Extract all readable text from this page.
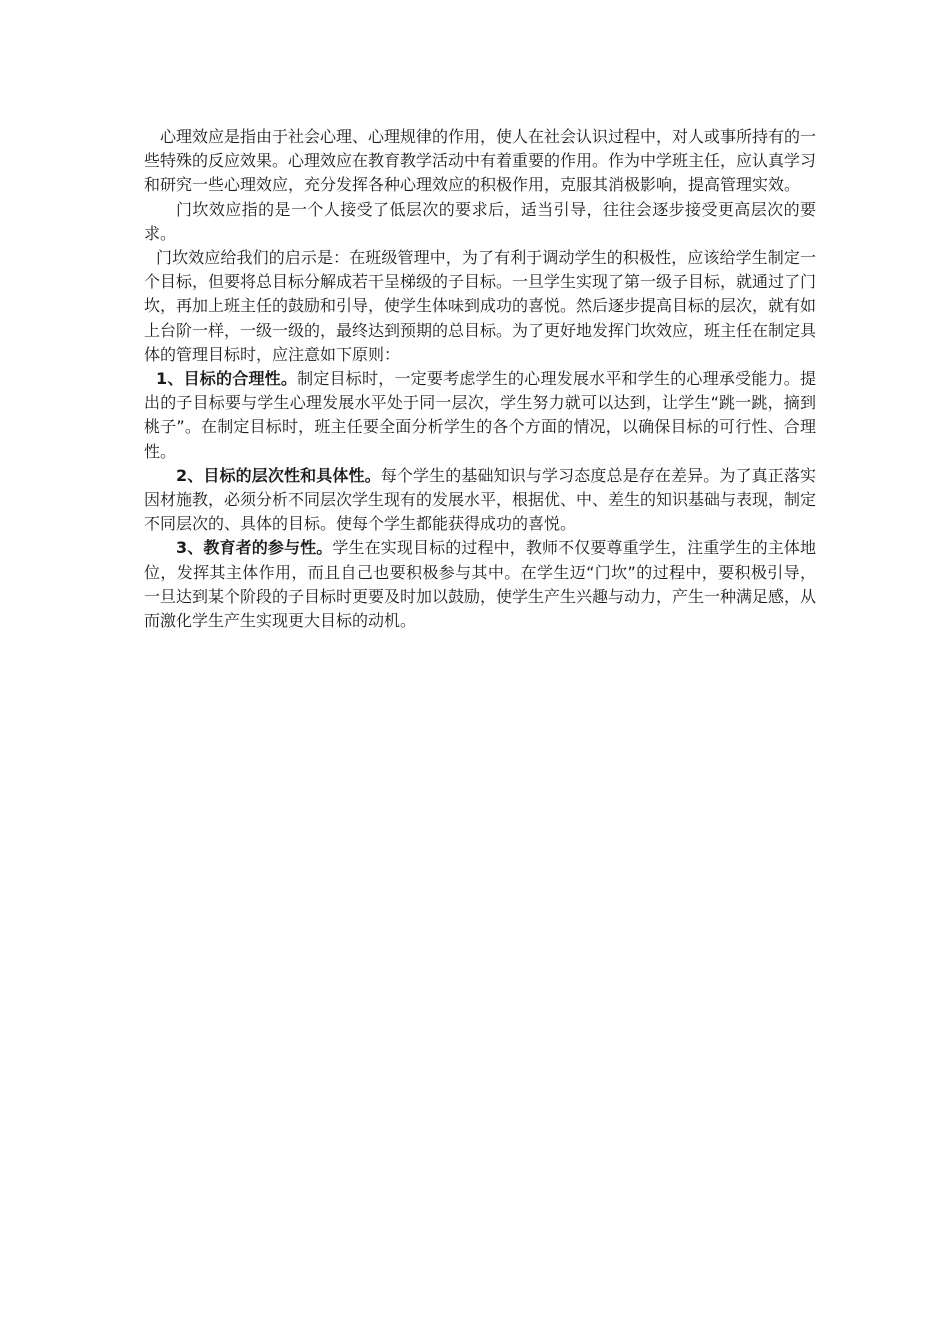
心理效应是指由于社会心理、心理规律的作用，使人在社会认识过程中，对人或事所持有的一些特殊的反应效果。心理效应在教育教学活动中有着重要的作用。作为中学班主任，应认真学习和研究一些心理效应，充分发挥各种心理效应的积极作用，克服其消极影响，提高管理实效。

门坎效应指的是一个人接受了低层次的要求后，适当引导，往往会逐步接受更高层次的要求。

门坎效应给我们的启示是：在班级管理中，为了有利于调动学生的积极性，应该给学生制定一个目标，但要将总目标分解成若干呈梯级的子目标。一旦学生实现了第一级子目标，就通过了门坎，再加上班主任的鼓励和引导，使学生体味到成功的喜悦。然后逐步提高目标的层次，就有如上台阶一样，一级一级的，最终达到预期的总目标。为了更好地发挥门坎效应，班主任在制定具体的管理目标时，应注意如下原则：

1、目标的合理性。制定目标时，一定要考虑学生的心理发展水平和学生的心理承受能力。提出的子目标要与学生心理发展水平处于同一层次，学生努力就可以达到，让学生“跳一跳，摘到桃子”。在制定目标时，班主任要全面分析学生的各个方面的情况，以确保目标的可行性、合理性。

2、目标的层次性和具体性。每个学生的基础知识与学习态度总是存在差异。为了真正落实因材施教，必须分析不同层次学生现有的发展水平，根据优、中、差生的知识基础与表现，制定不同层次的、具体的目标。使每个学生都能获得成功的喜悦。

3、教育者的参与性。学生在实现目标的过程中，教师不仅要尊重学生，注重学生的主体地位，发挥其主体作用，而且自己也要积极参与其中。在学生迈“门坎”的过程中，要积极引导，一旦达到某个阶段的子目标时更要及时加以鼓励，使学生产生兴趣与动力，产生一种满足感，从而激化学生产生实现更大目标的动机。
